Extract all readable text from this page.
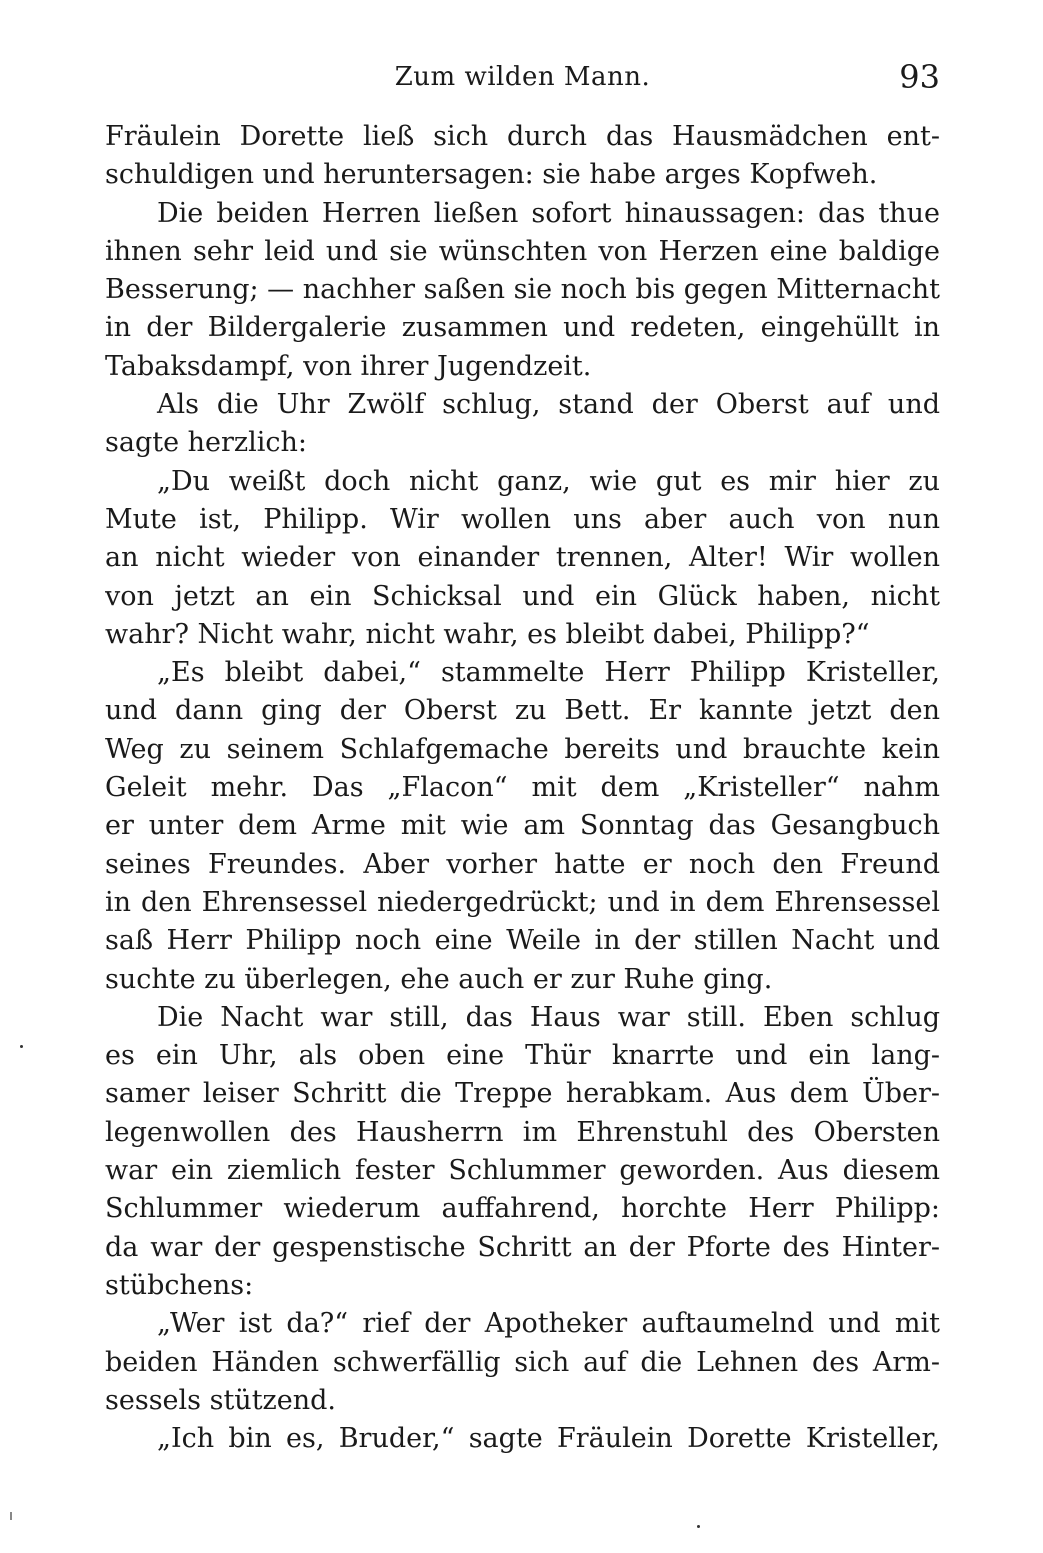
Zum wilden Mann.	93
Fräulein Dorette ließ sich durch das Hausmädchen ent-
schuldigen und heruntersagen: sie habe arges Kopfweh.
Die beiden Herren ließen sofort hinaussagen: das thue
ihnen sehr leid und sie wünschten von Herzen eine baldige
Besserung; — nachher saßen sie noch bis gegen Mitternacht
in der Bildergalerie zusammen und redeten, eingehüllt in
Tabaksdampf, von ihrer Jugendzeit.
Als die Uhr Zwölf schlug, stand der Oberst auf und
sagte herzlich:
„Du weißt doch nicht ganz, wie gut es mir hier zu
Mute ist, Philipp. Wir wollen uns aber auch von nun
an nicht wieder von einander trennen, Alter! Wir wollen
von jetzt an ein Schicksal und ein Glück haben, nicht
wahr? Nicht wahr, nicht wahr, es bleibt dabei, Philipp?“
„Es bleibt dabei,“ stammelte Herr Philipp Kristeller,
und dann ging der Oberst zu Bett. Er kannte jetzt den
Weg zu seinem Schlafgemache bereits und brauchte kein
Geleit mehr. Das „Flacon“ mit dem „Kristeller“ nahm
er unter dem Arme mit wie am Sonntag das Gesangbuch
seines Freundes. Aber vorher hatte er noch den Freund
in den Ehrensessel niedergedrückt; und in dem Ehrensessel
saß Herr Philipp noch eine Weile in der stillen Nacht und
suchte zu überlegen, ehe auch er zur Ruhe ging.
Die Nacht war still, das Haus war still. Eben schlug
es ein Uhr, als oben eine Thür knarrte und ein lang-
samer leiser Schritt die Treppe herabkam. Aus dem Über-
legenwollen des Hausherrn im Ehrenstuhl des Obersten
war ein ziemlich fester Schlummer geworden. Aus diesem
Schlummer wiederum auffahrend, horchte Herr Philipp:
da war der gespenstische Schritt an der Pforte des Hinter-
stübchens:
„Wer ist da?“ rief der Apotheker auftaumelnd und mit
beiden Händen schwerfällig sich auf die Lehnen des Arm-
sessels stützend.
„Ich bin es, Bruder,“ sagte Fräulein Dorette Kristeller,
